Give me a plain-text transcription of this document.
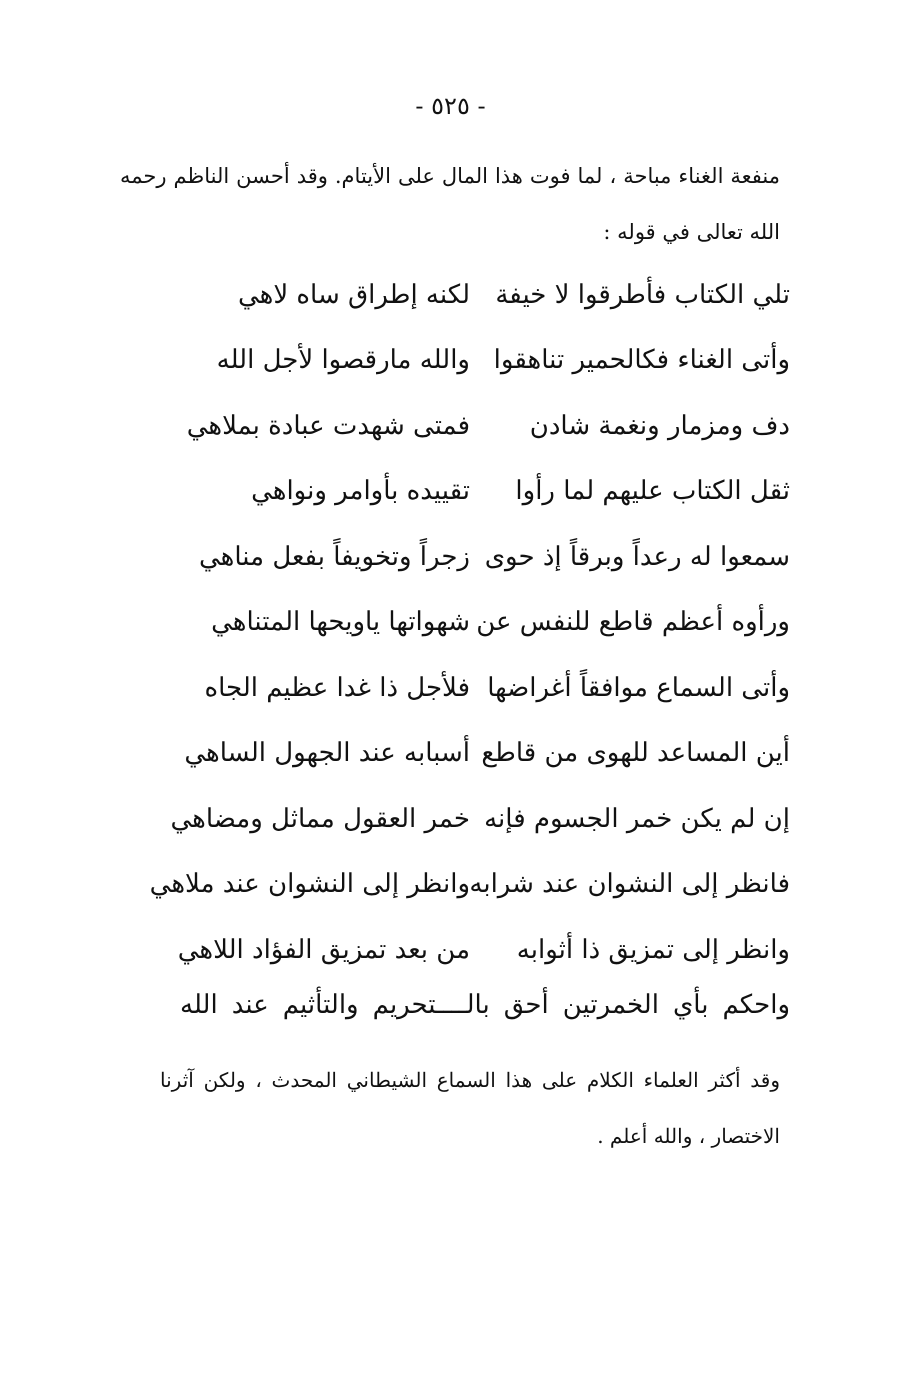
- ٥٢٥ -
منفعة الغناء مباحة ، لما فوت هذا المال على الأيتام. وقد أحسن الناظم رحمه الله تعالى في قوله :
تلي الكتاب فأطرقوا لا خيفة
لكنه إطراق ساه لاهي
وأتى الغناء فكالحمير تناهقوا
والله مارقصوا لأجل الله
دف ومزمار ونغمة شادن
فمتى شهدت عبادة بملاهي
ثقل الكتاب عليهم لما رأوا
تقييده بأوامر ونواهي
سمعوا له رعداً وبرقاً إذ حوى
زجراً وتخويفاً بفعل مناهي
ورأوه أعظم قاطع للنفس عن
شهواتها ياويحها المتناهي
وأتى السماع موافقاً أغراضها
فلأجل ذا غدا عظيم الجاه
أين المساعد للهوى من قاطع
أسبابه عند الجهول الساهي
إن لم يكن خمر الجسوم فإنه
خمر العقول مماثل ومضاهي
فانظر إلى النشوان عند شرابه
وانظر إلى النشوان عند ملاهي
وانظر إلى تمزيق ذا أثوابه
من بعد تمزيق الفؤاد اللاهي
واحكم بأي الخمرتين أحق بالــــتحريم والتأثيم عند الله
وقد أكثر العلماء الكلام على هذا السماع الشيطاني المحدث ، ولكن آثرنا الاختصار ، والله أعلم .
